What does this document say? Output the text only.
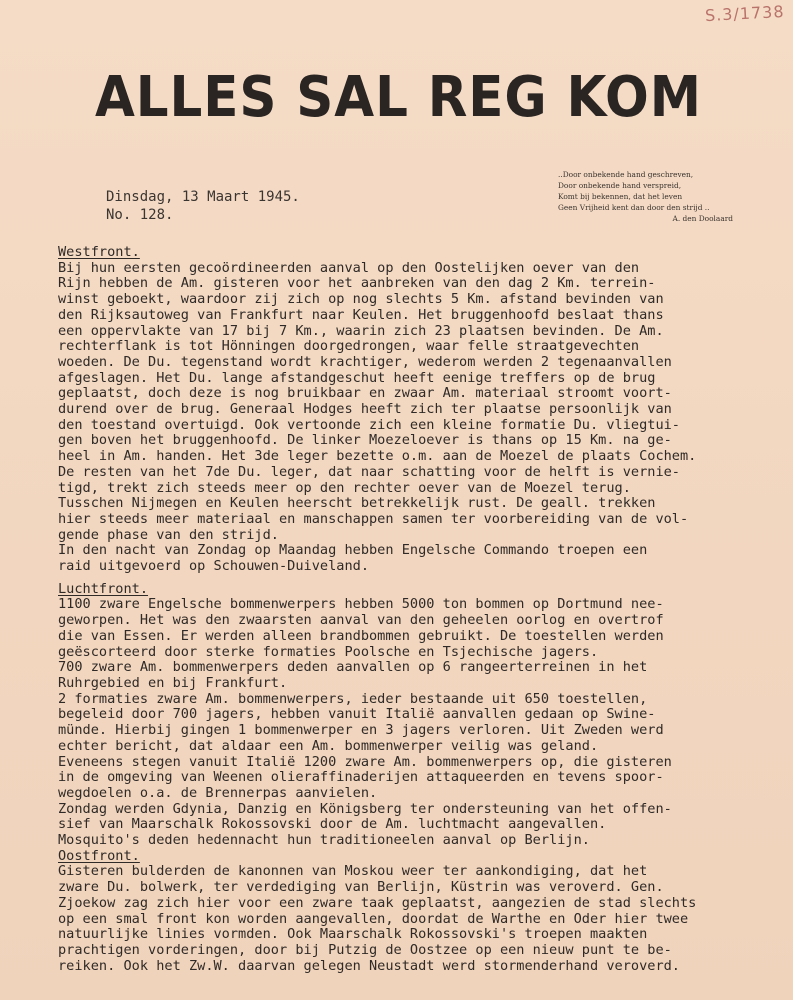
S.3/1738
ALLES SAL REG KOM
..Door onbekende hand geschreven,
Door onbekende hand verspreid,
Komt bij bekennen, dat het leven
Geen Vrijheid kent dan door den strijd ..
A. den Doolaard
Dinsdag, 13 Maart 1945.
No. 128.
Westfront.
Bij hun eersten gecoördineerden aanval op den Oostelijken oever van den
Rijn hebben de Am. gisteren voor het aanbreken van den dag 2 Km. terrein-
winst geboekt, waardoor zij zich op nog slechts 5 Km. afstand bevinden van
den Rijksautoweg van Frankfurt naar Keulen. Het bruggenhoofd beslaat thans
een oppervlakte van 17 bij 7 Km., waarin zich 23 plaatsen bevinden. De Am.
rechterflank is tot Hönningen doorgedrongen, waar felle straatgevechten
woeden. De Du. tegenstand wordt krachtiger, wederom werden 2 tegenaanvallen
afgeslagen. Het Du. lange afstandgeschut heeft eenige treffers op de brug
geplaatst, doch deze is nog bruikbaar en zwaar Am. materiaal stroomt voort-
durend over de brug. Generaal Hodges heeft zich ter plaatse persoonlijk van
den toestand overtuigd. Ook vertoonde zich een kleine formatie Du. vliegtui-
gen boven het bruggenhoofd. De linker Moezeloever is thans op 15 Km. na ge-
heel in Am. handen. Het 3de leger bezette o.m. aan de Moezel de plaats Cochem.
De resten van het 7de Du. leger, dat naar schatting voor de helft is vernie-
tigd, trekt zich steeds meer op den rechter oever van de Moezel terug.
Tusschen Nijmegen en Keulen heerscht betrekkelijk rust. De geall. trekken
hier steeds meer materiaal en manschappen samen ter voorbereiding van de vol-
gende phase van den strijd.
In den nacht van Zondag op Maandag hebben Engelsche Commando troepen een
raid uitgevoerd op Schouwen-Duiveland.
Luchtfront.
1100 zware Engelsche bommenwerpers hebben 5000 ton bommen op Dortmund nee-
geworpen. Het was den zwaarsten aanval van den geheelen oorlog en overtrof
die van Essen. Er werden alleen brandbommen gebruikt. De toestellen werden
geëscorteerd door sterke formaties Poolsche en Tsjechische jagers.
700 zware Am. bommenwerpers deden aanvallen op 6 rangeerterreinen in het
Ruhrgebied en bij Frankfurt.
2 formaties zware Am. bommenwerpers, ieder bestaande uit 650 toestellen,
begeleid door 700 jagers, hebben vanuit Italië aanvallen gedaan op Swine-
münde. Hierbij gingen 1 bommenwerper en 3 jagers verloren. Uit Zweden werd
echter bericht, dat aldaar een Am. bommenwerper veilig was geland.
Eveneens stegen vanuit Italië 1200 zware Am. bommenwerpers op, die gisteren
in de omgeving van Weenen olieraffinaderijen attaqueerden en tevens spoor-
wegdoelen o.a. de Brennerpas aanvielen.
Zondag werden Gdynia, Danzig en Königsberg ter ondersteuning van het offen-
sief van Maarschalk Rokossovski door de Am. luchtmacht aangevallen.
Mosquito's deden hedennacht hun traditioneelen aanval op Berlijn.
Oostfront.
Gisteren bulderden de kanonnen van Moskou weer ter aankondiging, dat het
zware Du. bolwerk, ter verdediging van Berlijn, Küstrin was veroverd. Gen.
Zjoekow zag zich hier voor een zware taak geplaatst, aangezien de stad slechts
op een smal front kon worden aangevallen, doordat de Warthe en Oder hier twee
natuurlijke linies vormden. Ook Maarschalk Rokossovski's troepen maakten
prachtigen vorderingen, door bij Putzig de Oostzee op een nieuw punt te be-
reiken. Ook het Zw.W. daarvan gelegen Neustadt werd stormenderhand veroverd.
